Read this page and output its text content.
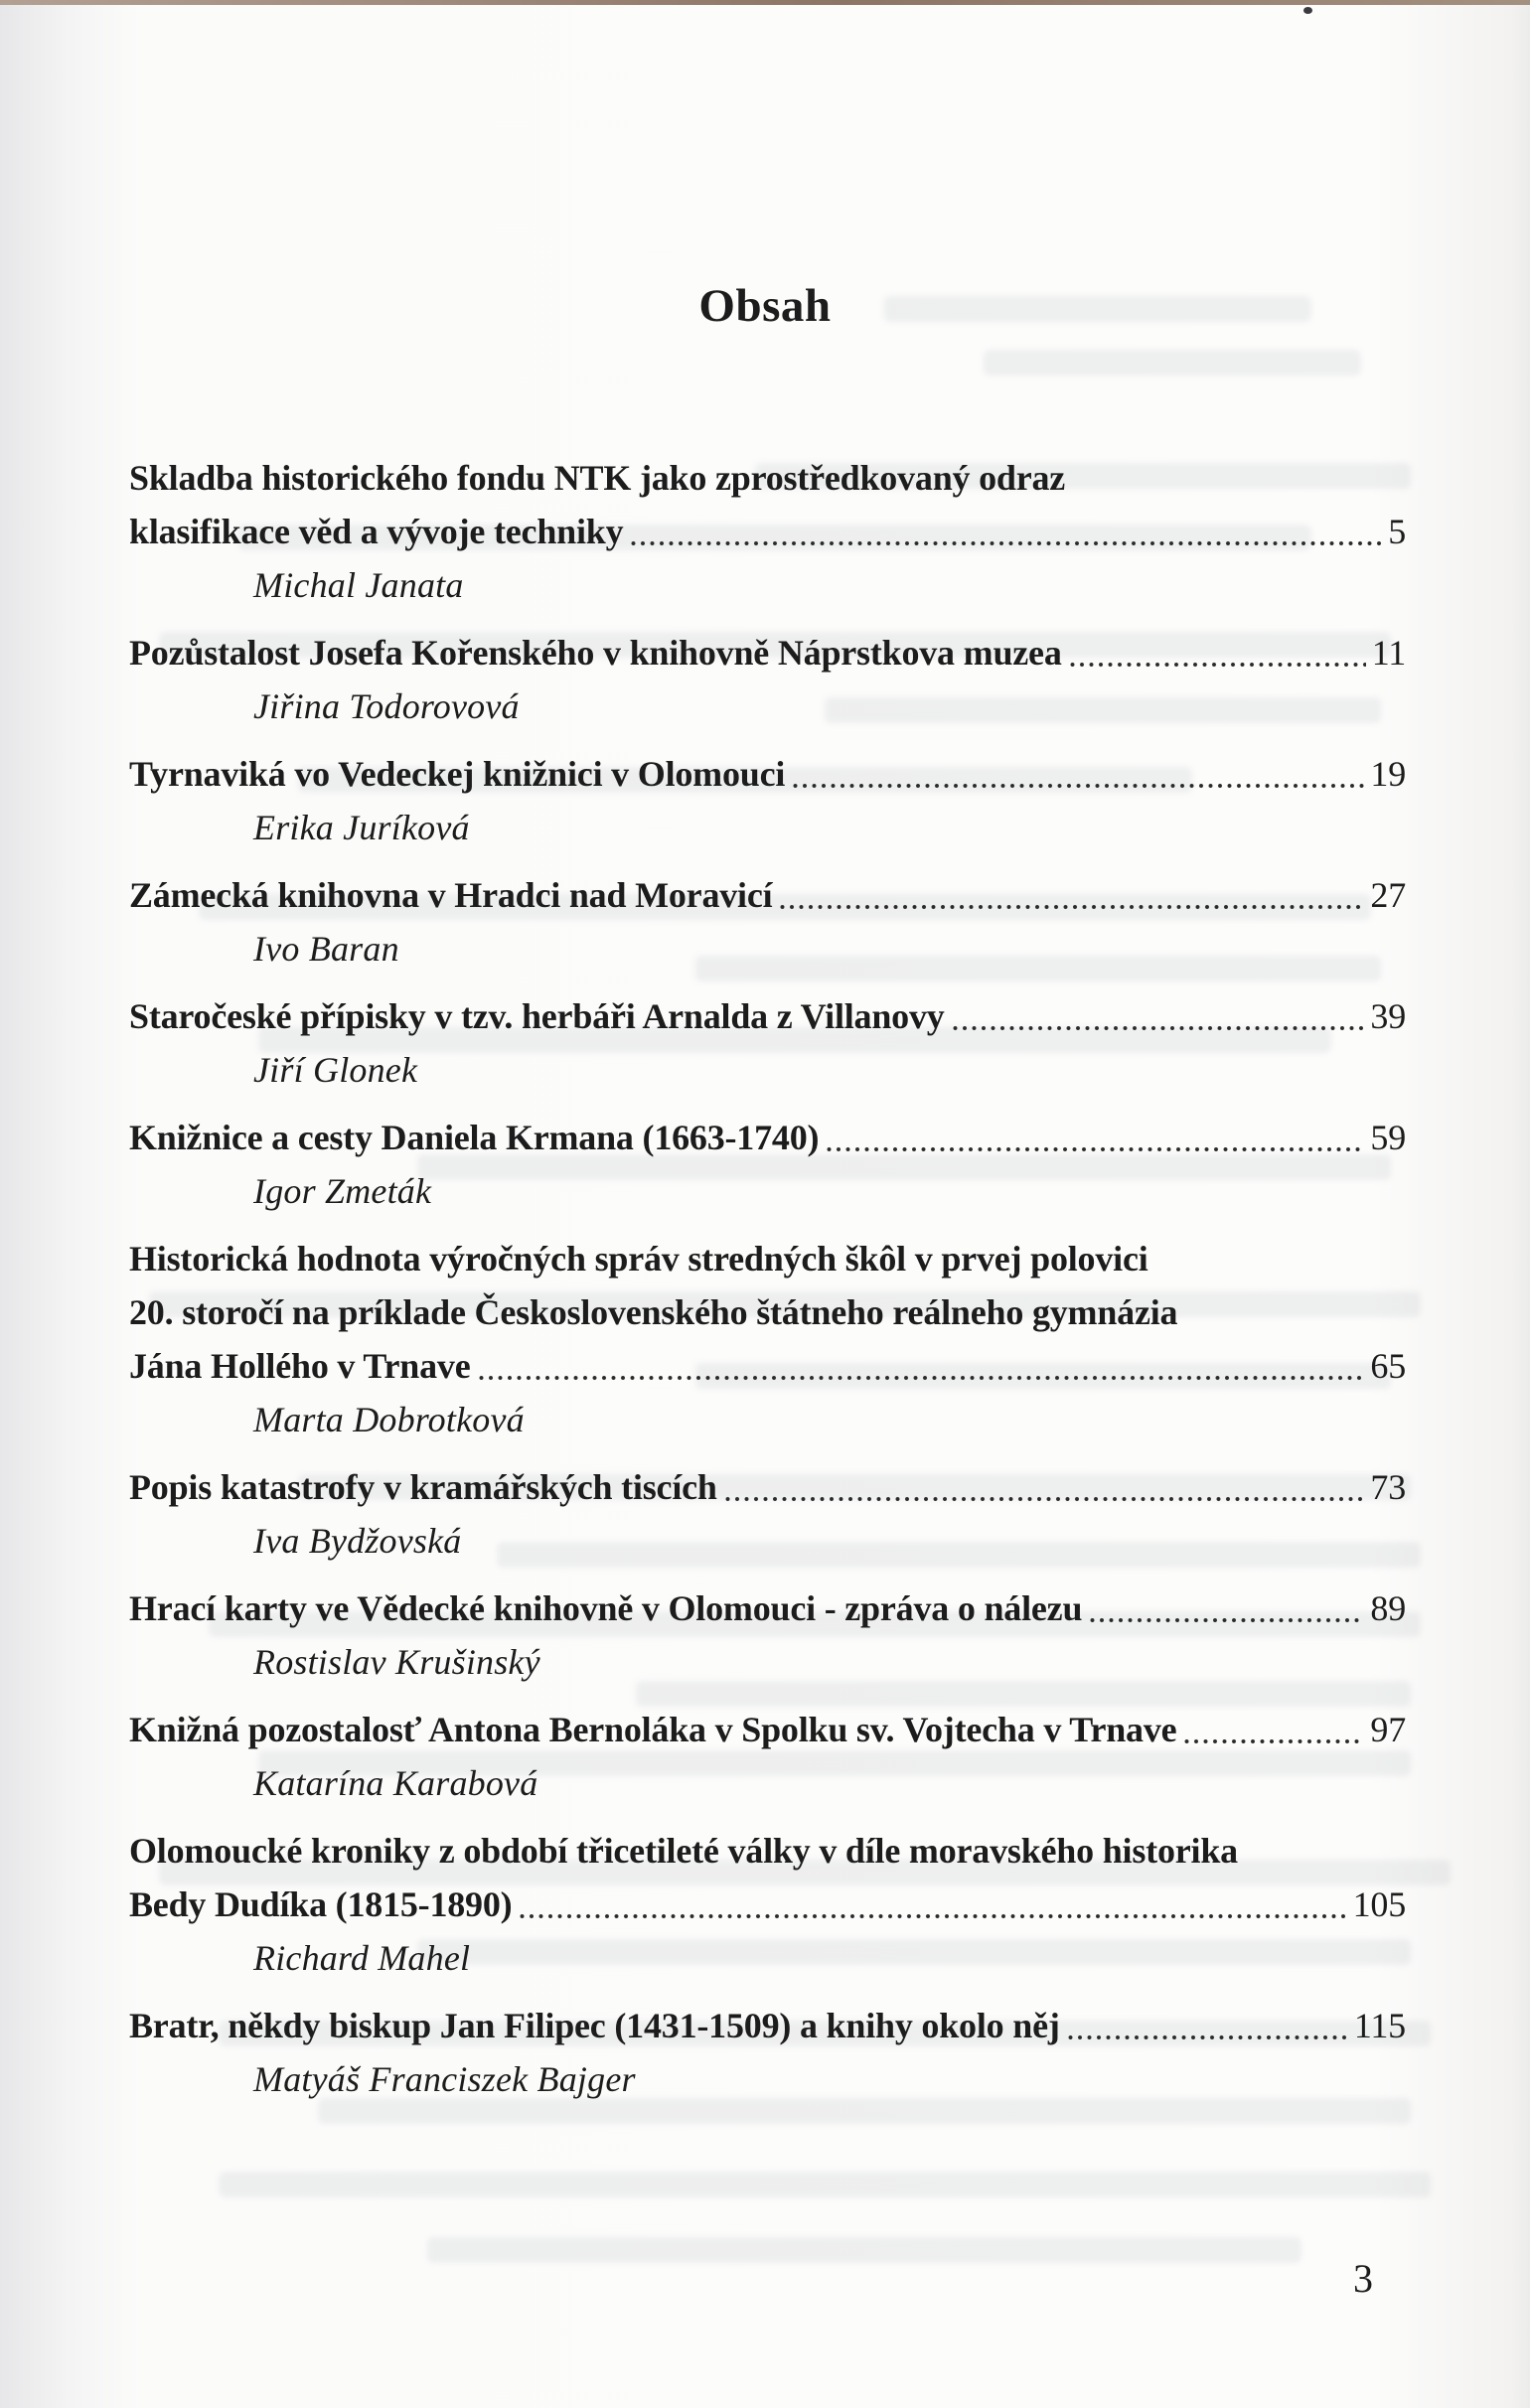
Obsah
Skladba historického fondu NTK jako zprostředkovaný odraz
klasifikace věd a vývoje techniky	5
Michal Janata
Pozůstalost Josefa Kořenského v knihovně Náprstkova muzea	11
Jiřina Todorovová
Tyrnaviká vo Vedeckej knižnici v Olomouci	19
Erika Juríková
Zámecká knihovna v Hradci nad Moravicí	27
Ivo Baran
Staročeské přípisky v tzv. herbáři Arnalda z Villanovy	39
Jiří Glonek
Knižnice a cesty Daniela Krmana (1663-1740)	59
Igor Zmeták
Historická hodnota výročných správ stredných škôl v prvej polovici
20. storočí na príklade Československého štátneho reálneho gymnázia
Jána Hollého v Trnave	65
Marta Dobrotková
Popis katastrofy v kramářských tiscích	73
Iva Bydžovská
Hrací karty ve Vědecké knihovně v Olomouci - zpráva o nálezu	89
Rostislav Krušinský
Knižná pozostalosť Antona Bernoláka v Spolku sv. Vojtecha v Trnave	97
Katarína Karabová
Olomoucké kroniky z období třicetileté války v díle moravského historika
Bedy Dudíka (1815-1890)	105
Richard Mahel
Bratr, někdy biskup Jan Filipec (1431-1509) a knihy okolo něj	115
Matyáš Franciszek Bajger
3
